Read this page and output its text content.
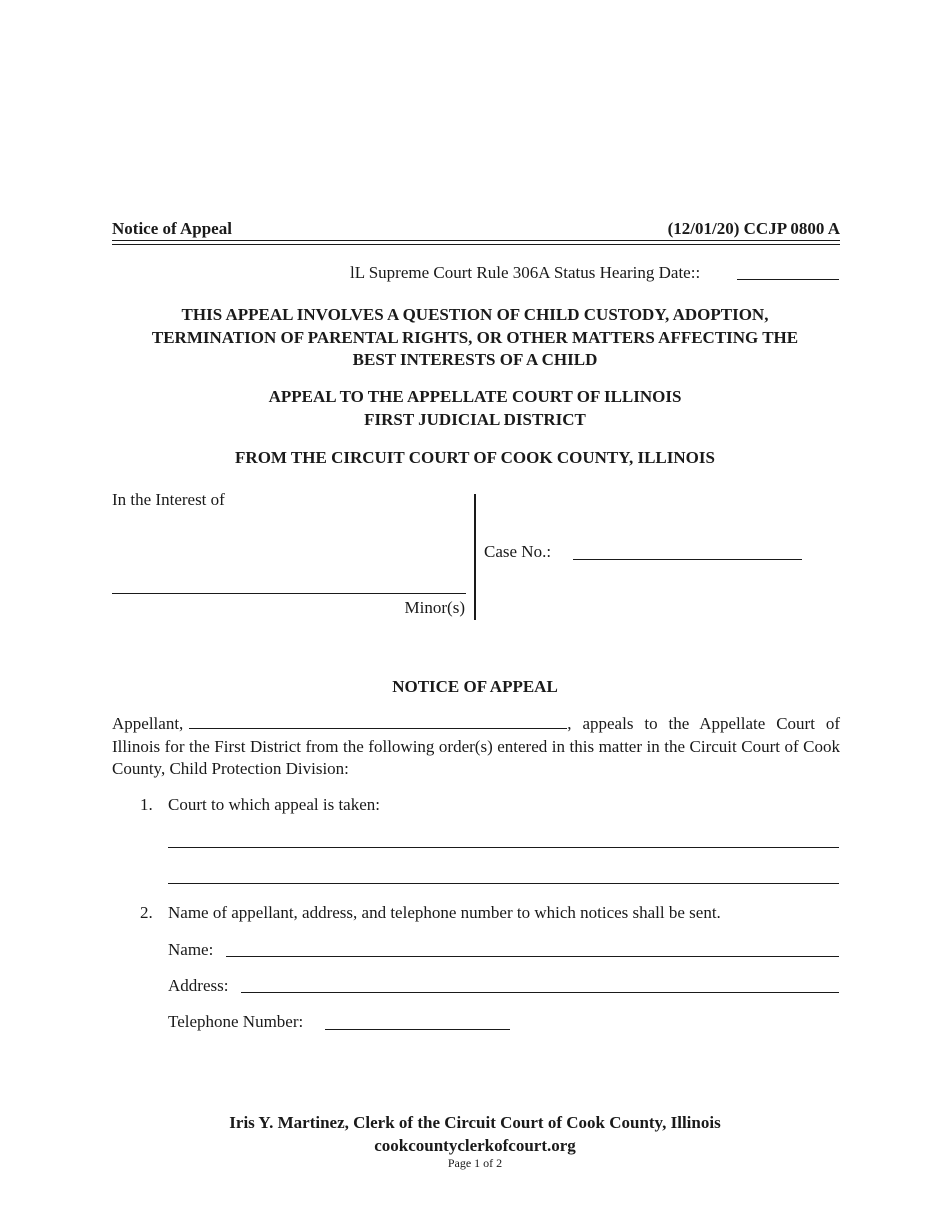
Notice of Appeal	(12/01/20) CCJP 0800 A
lL Supreme Court Rule 306A Status Hearing Date::
THIS APPEAL INVOLVES A QUESTION OF CHILD CUSTODY, ADOPTION,
TERMINATION OF PARENTAL RIGHTS, OR OTHER MATTERS AFFECTING THE
BEST INTERESTS OF A CHILD
APPEAL TO THE APPELLATE COURT OF ILLINOIS
FIRST JUDICIAL DISTRICT
FROM THE CIRCUIT COURT OF COOK COUNTY, ILLINOIS
In the Interest of
Minor(s)
Case No.:
NOTICE OF APPEAL
Appellant,	, appeals to the Appellate Court of Illinois for the First District from the following order(s) entered in this matter in the Circuit Court of Cook County, Child Protection Division:
1. Court to which appeal is taken:
2. Name of appellant, address, and telephone number to which notices shall be sent.
Name:
Address:
Telephone Number:
Iris Y. Martinez, Clerk of the Circuit Court of Cook County, Illinois
cookcountyclerkofcourt.org
Page 1 of 2
